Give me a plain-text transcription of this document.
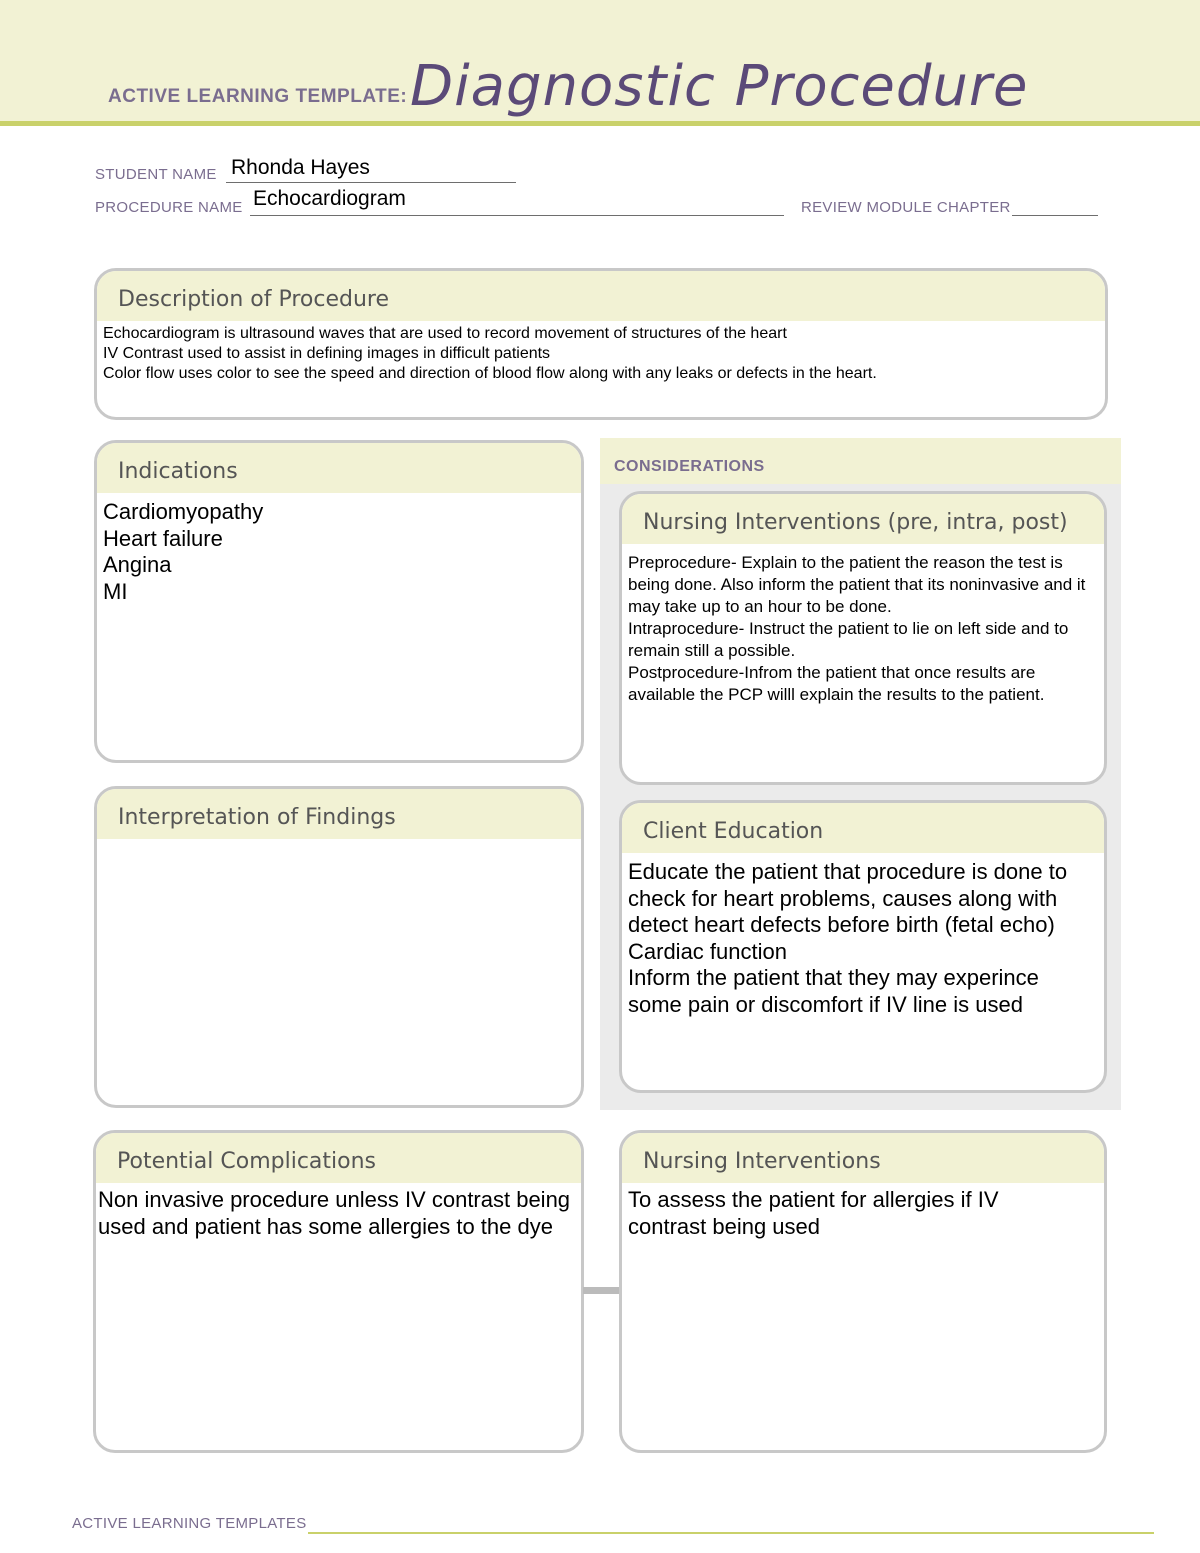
ACTIVE LEARNING TEMPLATE: Diagnostic Procedure
STUDENT NAME Rhonda Hayes
PROCEDURE NAME Echocardiogram	REVIEW MODULE CHAPTER
Description of Procedure
Echocardiogram is ultrasound waves that are used to record movement of structures of the heart
IV Contrast used to assist in defining images in difficult patients
Color flow uses color to see the speed and direction of blood flow along with any leaks or defects in the heart.
Indications
Cardiomyopathy
Heart failure
Angina
MI
Interpretation of Findings
CONSIDERATIONS
Nursing Interventions (pre, intra, post)
Preprocedure- Explain to the patient the reason the test is being done. Also inform the patient that its noninvasive and it may take up to an hour to be done.
Intraprocedure- Instruct the patient to lie on left side and to remain still a possible.
Postprocedure-Infrom the patient that once results are available the PCP willl explain the results to the patient.
Client Education
Educate the patient that procedure is done to check for heart problems, causes along with detect heart defects before birth (fetal echo)
Cardiac function
Inform the patient that they may experince some pain or discomfort if IV line is used
Potential Complications
Non invasive procedure unless IV contrast being used and patient has some allergies to the dye
Nursing Interventions
To assess the patient for allergies if IV contrast being used
ACTIVE LEARNING TEMPLATES
